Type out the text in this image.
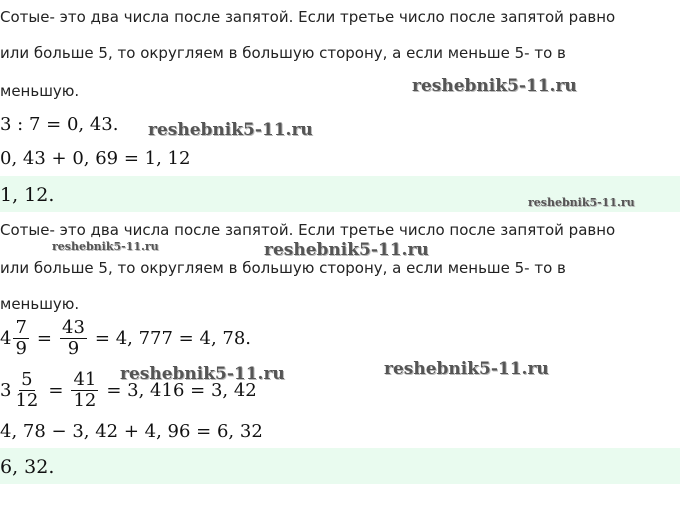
Сотые- это два числа после запятой. Если третье число после запятой равно
или больше 5, то округляем в большую сторону, а если меньше 5- то в
меньшую.
3 : 7 = 0, 43.
0, 43 + 0, 69 = 1, 12
1, 12.
Сотые- это два числа после запятой. Если третье число после запятой равно
или больше 5, то округляем в большую сторону, а если меньше 5- то в
меньшую.
$4 \frac{7}{9} = \frac{43}{9} = 4$, 777 = 4, 78.
$3 \frac{5}{12} = \frac{41}{12} = 3$, 416 = 3, 42
4, 78 − 3, 42 + 4, 96 = 6, 32
6, 32.
reshebnik5-11.ru
reshebnik5-11.ru
reshebnik5-11.ru
reshebnik5-11.ru	reshebnik5-11.ru
reshebnik5-11.ru
reshebnik5-11.ru
